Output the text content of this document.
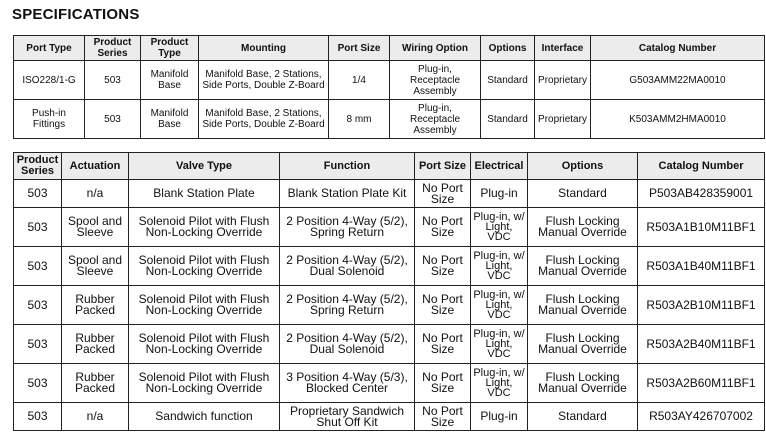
SPECIFICATIONS
Port Type	Product Series	Product Type	Mounting	Port Size	Wiring Option	Options	Interface	Catalog Number
ISO228/1-G	503	Manifold Base	Manifold Base, 2 Stations, Side Ports, Double Z-Board	1/4	Plug-in, Receptacle Assembly	Standard	Proprietary	G503AMM22MA0010
Push-in Fittings	503	Manifold Base	Manifold Base, 2 Stations, Side Ports, Double Z-Board	8 mm	Plug-in, Receptacle Assembly	Standard	Proprietary	K503AMM2HMA0010
Product Series	Actuation	Valve Type	Function	Port Size	Electrical	Options	Catalog Number
503	n/a	Blank Station Plate	Blank Station Plate Kit	No Port Size	Plug-in	Standard	P503AB428359001
503	Spool and Sleeve	Solenoid Pilot with Flush Non-Locking Override	2 Position 4-Way (5/2), Spring Return	No Port Size	Plug-in, w/ Light, VDC	Flush Locking Manual Override	R503A1B10M11BF1
503	Spool and Sleeve	Solenoid Pilot with Flush Non-Locking Override	2 Position 4-Way (5/2), Dual Solenoid	No Port Size	Plug-in, w/ Light, VDC	Flush Locking Manual Override	R503A1B40M11BF1
503	Rubber Packed	Solenoid Pilot with Flush Non-Locking Override	2 Position 4-Way (5/2), Spring Return	No Port Size	Plug-in, w/ Light, VDC	Flush Locking Manual Override	R503A2B10M11BF1
503	Rubber Packed	Solenoid Pilot with Flush Non-Locking Override	2 Position 4-Way (5/2), Dual Solenoid	No Port Size	Plug-in, w/ Light, VDC	Flush Locking Manual Override	R503A2B40M11BF1
503	Rubber Packed	Solenoid Pilot with Flush Non-Locking Override	3 Position 4-Way (5/3), Blocked Center	No Port Size	Plug-in, w/ Light, VDC	Flush Locking Manual Override	R503A2B60M11BF1
503	n/a	Sandwich function	Proprietary Sandwich Shut Off Kit	No Port Size	Plug-in	Standard	R503AY426707002
